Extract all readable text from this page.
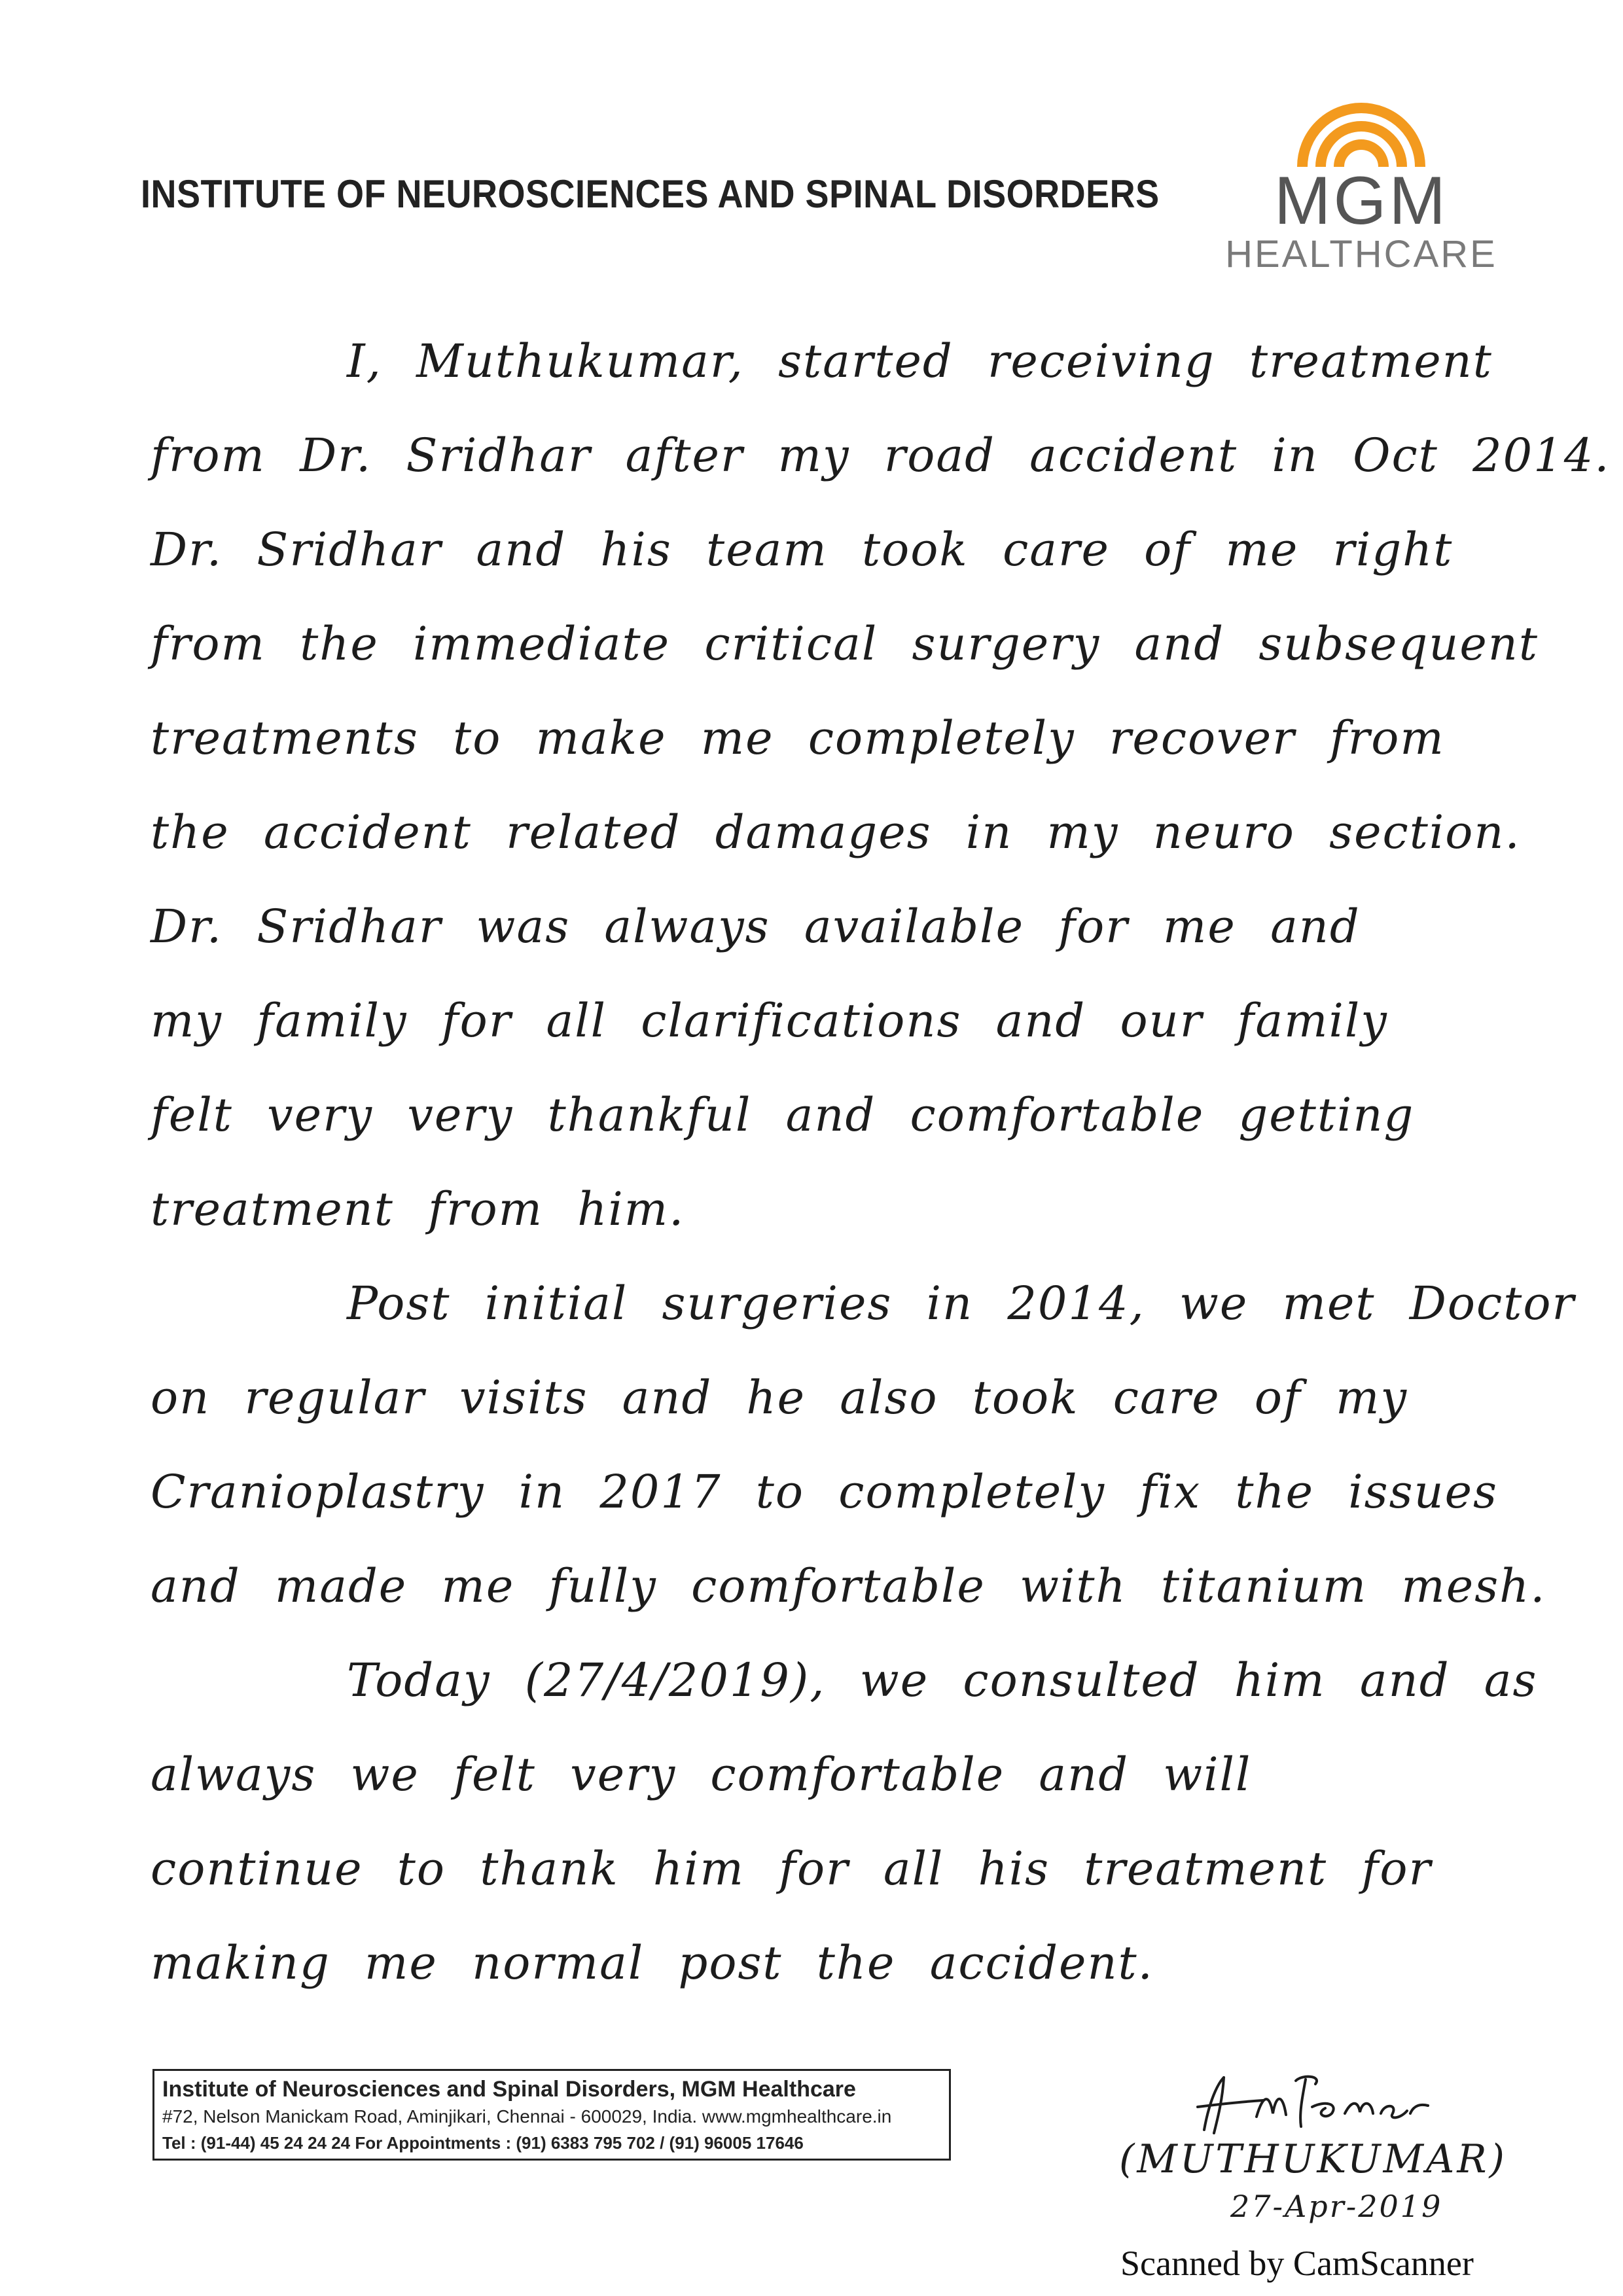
INSTITUTE OF NEUROSCIENCES AND SPINAL DISORDERS	MGM
HEALTHCARE
I, Muthukumar, started receiving treatment
from Dr. Sridhar after my road accident in Oct 2014.
Dr. Sridhar and his team took care of me right
from the immediate critical surgery and subsequent
treatments to make me completely recover from
the accident related damages in my neuro section.
Dr. Sridhar was always available for me and
my family for all clarifications and our family
felt very very thankful and comfortable getting
treatment from him.
Post initial surgeries in 2014, we met Doctor
on regular visits and he also took care of my
Cranioplastry in 2017 to completely fix the issues
and made me fully comfortable with titanium mesh.
Today (27/4/2019), we consulted him and as
always we felt very comfortable and will
continue to thank him for all his treatment for
making me normal post the accident.
Institute of Neurosciences and Spinal Disorders, MGM Healthcare
#72, Nelson Manickam Road, Aminjikari, Chennai - 600029, India. www.mgmhealthcare.in
Tel : (91-44) 45 24 24 24 For Appointments : (91) 6383 795 702 / (91) 96005 17646	(MUTHUKUMAR)
27-Apr-2019
Scanned by CamScanner
